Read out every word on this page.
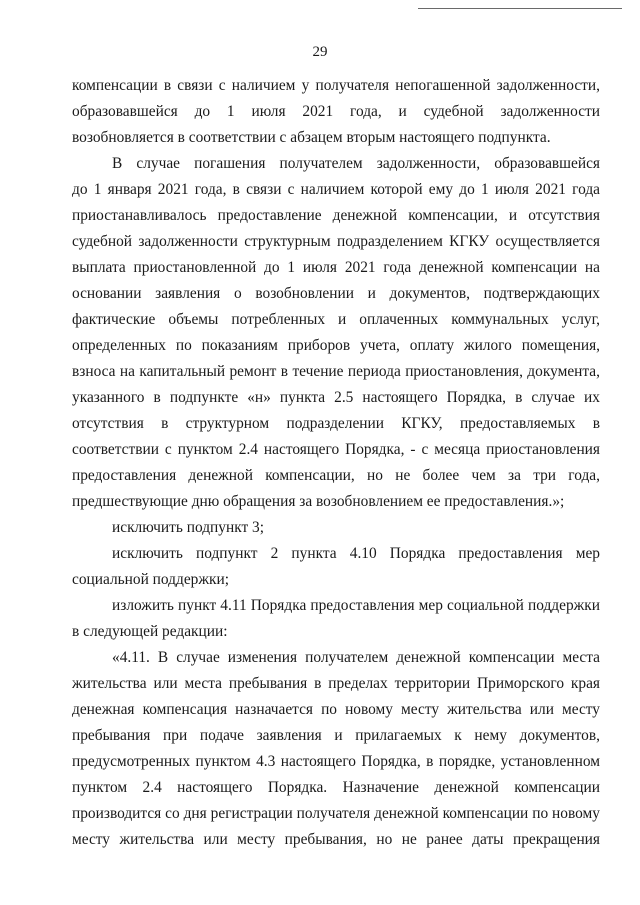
29
компенсации в связи с наличием у получателя непогашенной задолженности,
образовавшейся до 1 июля 2021 года, и судебной задолженности
возобновляется в соответствии с абзацем вторым настоящего подпункта.
В случае погашения получателем задолженности, образовавшейся
до 1 января 2021 года, в связи с наличием которой ему до 1 июля 2021 года
приостанавливалось предоставление денежной компенсации, и отсутствия
судебной задолженности структурным подразделением КГКУ осуществляется
выплата приостановленной до 1 июля 2021 года денежной компенсации на
основании заявления о возобновлении и документов, подтверждающих
фактические объемы потребленных и оплаченных коммунальных услуг,
определенных по показаниям приборов учета, оплату жилого помещения,
взноса на капитальный ремонт в течение периода приостановления, документа,
указанного в подпункте «н» пункта 2.5 настоящего Порядка, в случае их
отсутствия в структурном подразделении КГКУ, предоставляемых в
соответствии с пунктом 2.4 настоящего Порядка, - с месяца приостановления
предоставления денежной компенсации, но не более чем за три года,
предшествующие дню обращения за возобновлением ее предоставления.»;
исключить подпункт 3;
исключить подпункт 2 пункта 4.10 Порядка предоставления мер
социальной поддержки;
изложить пункт 4.11 Порядка предоставления мер социальной поддержки
в следующей редакции:
«4.11. В случае изменения получателем денежной компенсации места
жительства или места пребывания в пределах территории Приморского края
денежная компенсация назначается по новому месту жительства или месту
пребывания при подаче заявления и прилагаемых к нему документов,
предусмотренных пунктом 4.3 настоящего Порядка, в порядке, установленном
пунктом 2.4 настоящего Порядка. Назначение денежной компенсации
производится со дня регистрации получателя денежной компенсации по новому
месту жительства или месту пребывания, но не ранее даты прекращения
